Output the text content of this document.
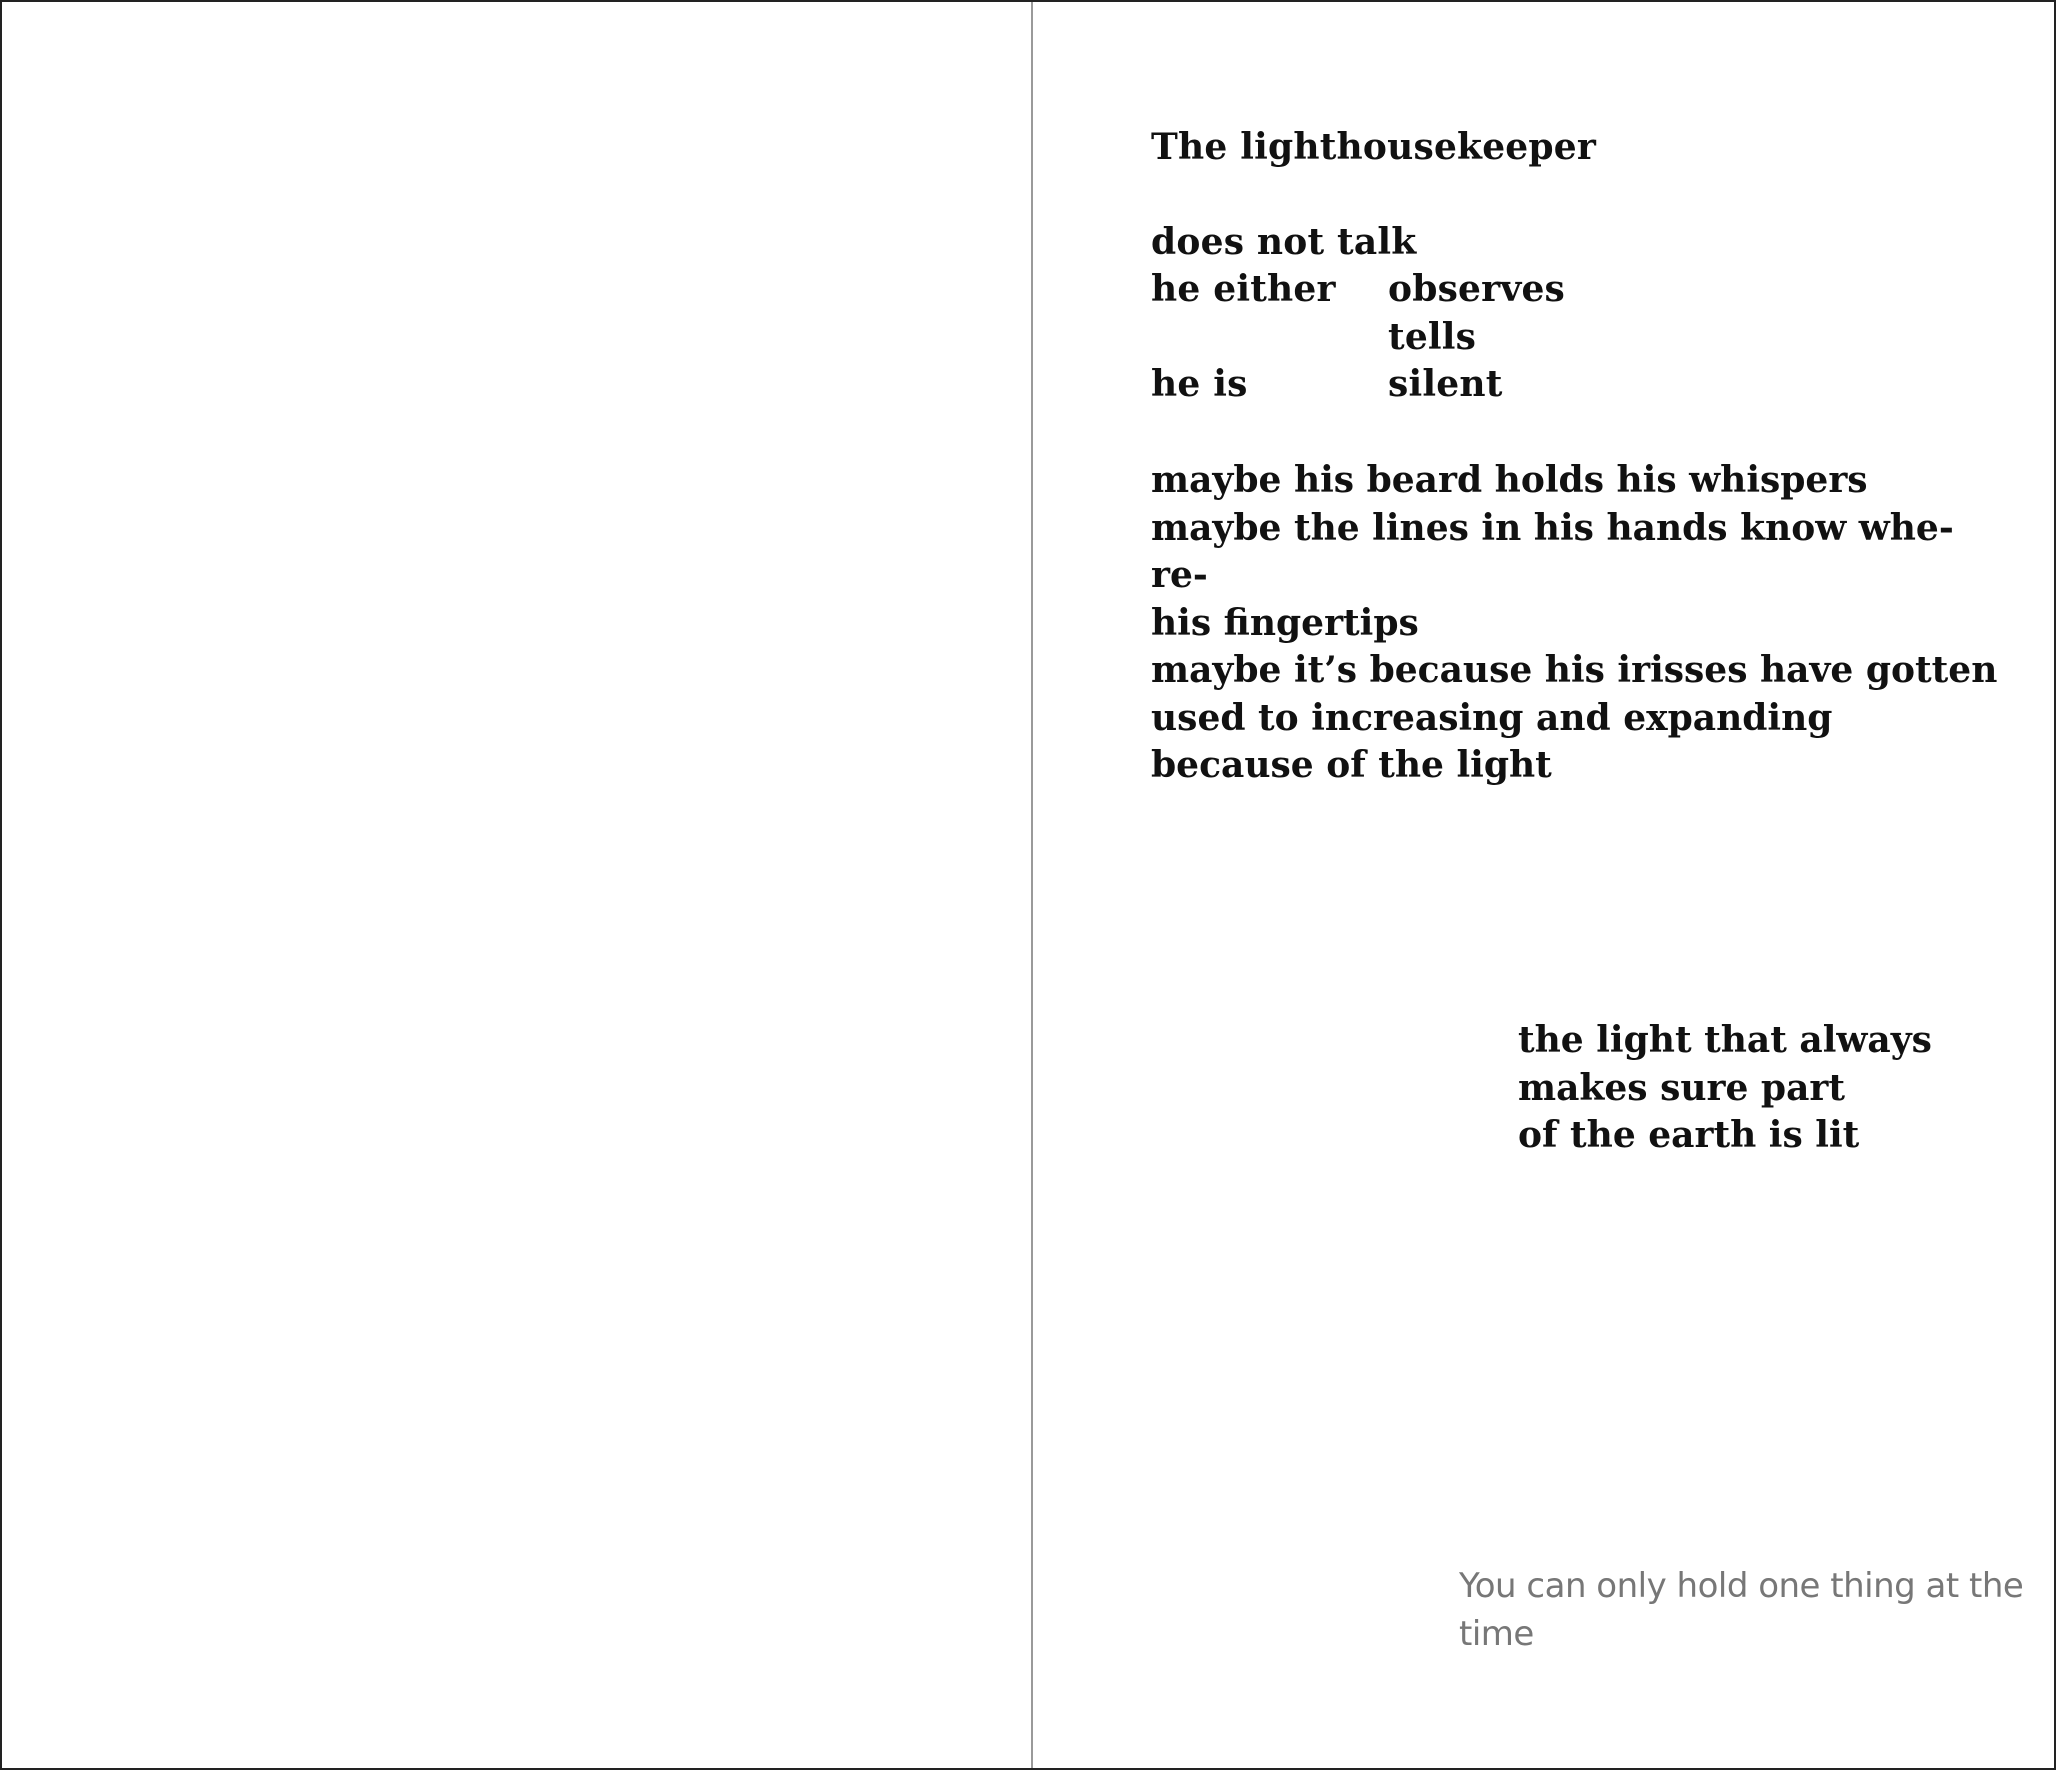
The lighthousekeeper

does not talk

he either observes

tells

he is	silent

maybe his beard holds his whispers
maybe the lines in his hands know whe-
re-
his fingertips
maybe it’s because his irisses have gotten
used to increasing and expanding
because of the light
the light that always
makes sure part
of the earth is lit
You can only hold one thing at the time
